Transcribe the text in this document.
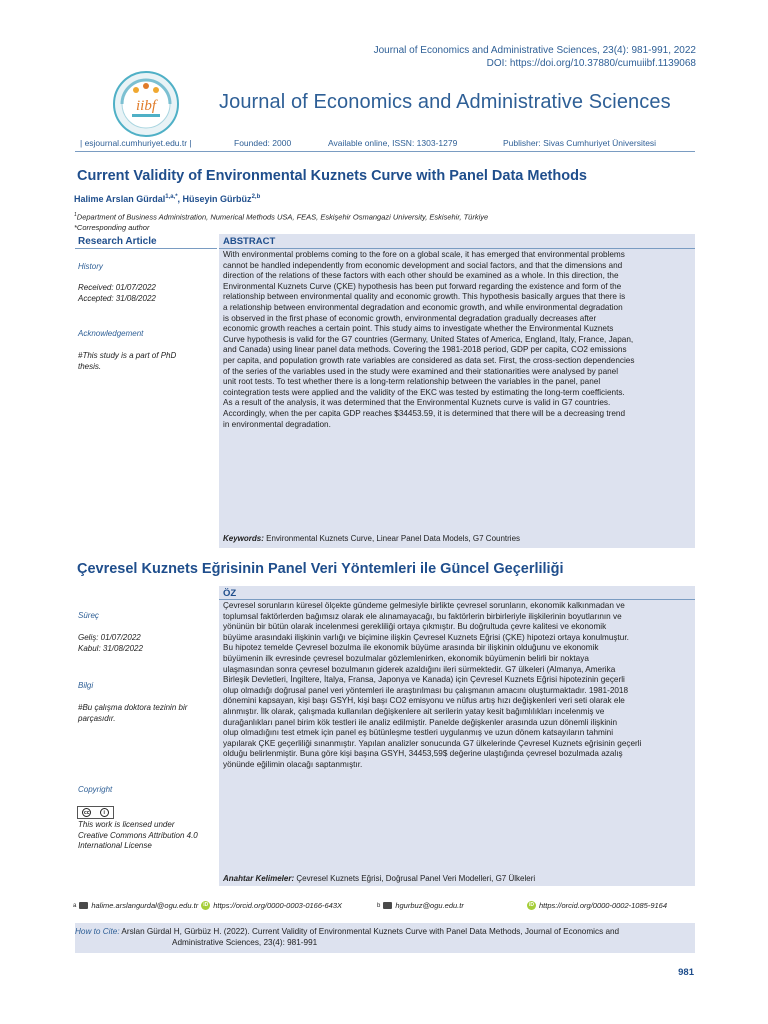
Journal of Economics and Administrative Sciences, 23(4): 981-991, 2022
DOI: https://doi.org/10.37880/cumuiibf.1139068
iibf	Journal of Economics and Administrative Sciences
| esjournal.cumhuriyet.edu.tr |	Founded: 2000	Available online, ISSN: 1303-1279	Publisher: Sivas Cumhuriyet Üniversitesi
Current Validity of Environmental Kuznets Curve with Panel Data Methods
Halime Arslan Gürdal$^{1,a,*}$, Hüseyin Gürbüz$^{2,b}$
$^1$Department of Business Administration, Numerical Methods USA, FEAS, Eskişehir Osmangazi University, Eskisehir, Türkiye
*Corresponding author
Research Article	ABSTRACT
With environmental problems coming to the fore on a global scale, it has emerged that environmental problems
cannot be handled independently from economic development and social factors, and that the dimensions and
direction of the relations of these factors with each other should be examined as a whole. In this direction, the
Environmental Kuznets Curve (ÇKE) hypothesis has been put forward regarding the existence and form of the
relationship between environmental quality and economic growth. This hypothesis basically argues that there is
a relationship between environmental degradation and economic growth, and while environmental degradation
is observed in the first phase of economic growth, environmental degradation gradually decreases after
economic growth reaches a certain point. This study aims to investigate whether the Environmental Kuznets
Curve hypothesis is valid for the G7 countries (Germany, United States of America, England, Italy, France, Japan,
and Canada) using linear panel data methods. Covering the 1981-2018 period, GDP per capita, CO2 emissions
per capita, and population growth rate variables are considered as data set. First, the cross-section dependencies
of the series of the variables used in the study were examined and their stationarities were analysed by panel
unit root tests. To test whether there is a long-term relationship between the variables in the panel, panel
cointegration tests were applied and the validity of the EKC was tested by estimating the long-term coefficients.
As a result of the analysis, it was determined that the Environmental Kuznets curve is valid in G7 countries.
Accordingly, when the per capita GDP reaches $34453.59, it is determined that there will be a decreasing trend
in environmental degradation.
Keywords: Environmental Kuznets Curve, Linear Panel Data Models, G7 Countries
History
Received: 01/07/2022
Accepted: 31/08/2022
Acknowledgement
#This study is a part of PhD
thesis.
Çevresel Kuznets Eğrisinin Panel Veri Yöntemleri ile Güncel Geçerliliği
ÖZ
Çevresel sorunların küresel ölçekte gündeme gelmesiyle birlikte çevresel sorunların, ekonomik kalkınmadan ve
toplumsal faktörlerden bağımsız olarak ele alınamayacağı, bu faktörlerin birbirleriyle ilişkilerinin boyutlarının ve
yönünün bir bütün olarak incelenmesi gerekliliği ortaya çıkmıştır. Bu doğrultuda çevre kalitesi ve ekonomik
büyüme arasındaki ilişkinin varlığı ve biçimine ilişkin Çevresel Kuznets Eğrisi (ÇKE) hipotezi ortaya konulmuştur.
Bu hipotez temelde Çevresel bozulma ile ekonomik büyüme arasında bir ilişkinin olduğunu ve ekonomik
büyümenin ilk evresinde çevresel bozulmalar gözlemlenirken, ekonomik büyümenin belirli bir noktaya
ulaşmasından sonra çevresel bozulmanın giderek azaldığını ileri sürmektedir. G7 ülkeleri (Almanya, Amerika
Birleşik Devletleri, İngiltere, İtalya, Fransa, Japonya ve Kanada) için Çevresel Kuznets Eğrisi hipotezinin geçerli
olup olmadığı doğrusal panel veri yöntemleri ile araştırılması bu çalışmanın amacını oluşturmaktadır. 1981-2018
dönemini kapsayan, kişi başı GSYH, kişi başı CO2 emisyonu ve nüfus artış hızı değişkenleri veri seti olarak ele
alınmıştır. İlk olarak, çalışmada kullanılan değişkenlere ait serilerin yatay kesit bağımlılıkları incelenmiş ve
durağanlıkları panel birim kök testleri ile analiz edilmiştir. Panelde değişkenler arasında uzun dönemli ilişkinin
olup olmadığını test etmek için panel eş bütünleşme testleri uygulanmış ve uzun dönem katsayıların tahmini
yapılarak ÇKE geçerliliği sınanmıştır. Yapılan analizler sonucunda G7 ülkelerinde Çevresel Kuznets eğrisinin geçerli
olduğu belirlenmiştir. Buna göre kişi başına GSYH, 34453,59$ değerine ulaştığında çevresel bozulmada azalış
yönünde eğilimin olacağı saptanmıştır.
Anahtar Kelimeler: Çevresel Kuznets Eğrisi, Doğrusal Panel Veri Modelleri, G7 Ülkeleri
Süreç
Geliş: 01/07/2022
Kabul: 31/08/2022
Bilgi
#Bu çalışma doktora tezinin bir
parçasıdır.
Copyright
cc	i
This work is licensed under
Creative Commons Attribution 4.0
International License
a halime.arslangurdal@ogu.edu.tr	iD https://orcid.org/0000-0003-0166-643X	b hgurbuz@ogu.edu.tr	iD https://orcid.org/0000-0002-1085-9164
How to Cite: Arslan Gürdal H, Gürbüz H. (2022). Current Validity of Environmental Kuznets Curve with Panel Data Methods, Journal of Economics and
Administrative Sciences, 23(4): 981-991
981
